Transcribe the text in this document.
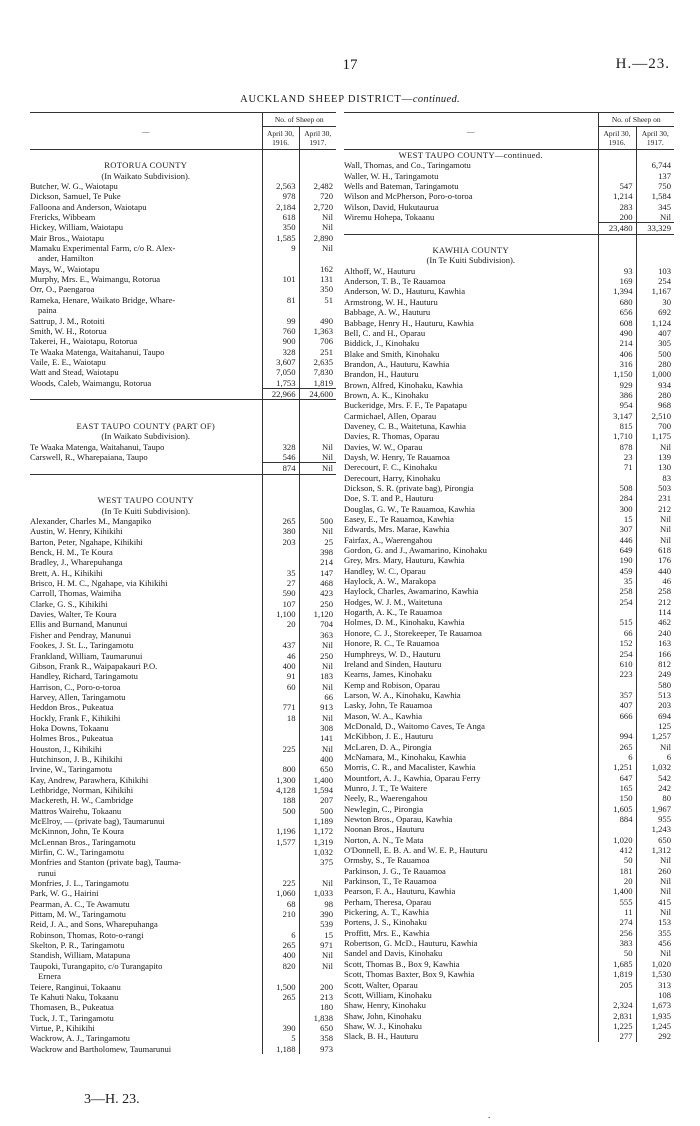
17	H.—23.
AUCKLAND SHEEP DISTRICT—continued.
—	No. of Sheep on	
	April 30, 1916.	April 30, 1917.

ROTORUA COUNTY		
(In Waikato Subdivision).		
Butcher, W. G., Waiotapu	2,563	2,482
Dickson, Samuel, Te Puke	978	720
Falloona and Anderson, Waiotapu	2,184	2,720
Frericks, Wibbeam	618	Nil
Hickey, William, Waiotapu	350	Nil
Mair Bros., Waiotapu	1,585	2,890
Mamaku Experimental Farm, c/o R. Alex-	9	Nil
ander, Hamilton		
Mays, W., Waiotapu		162
Murphy, Mrs. E., Waimangu, Rotorua	101	131
Orr, O., Paengaroa		350
Rameka, Henare, Waikato Bridge, Whare-	81	51
paina		
Sattrup, J. M., Rotoiti	99	490
Smith, W. H., Rotorua	760	1,363
Takerei, H., Waiotapu, Rotorua	900	706
Te Waaka Matenga, Waitahanui, Taupo	328	251
Vaile, E. E., Waiotapu	3,607	2,635
Watt and Stead, Waiotapu	7,050	7,830
Woods, Caleb, Waimangu, Rotorua	1,753	1,819
	22,966	24,600

EAST TAUPO COUNTY (PART OF)		
(In Waikato Subdivision).		
Te Waaka Matenga, Waitahanui, Taupo	328	Nil
Carswell, R., Wharepaiana, Taupo	546	Nil
	874	Nil

WEST TAUPO COUNTY		
(In Te Kuiti Subdivision).		
Alexander, Charles M., Mangapiko	265	500
Austin, W. Henry, Kihikihi	380	Nil
Barton, Peter, Ngahape, Kihikihi	203	25
Benck, H. M., Te Koura		398
Bradley, J., Wharepuhanga		214
Brett, A. H., Kihikihi	35	147
Brisco, H. M. C., Ngahape, via Kihikihi	27	468
Carroll, Thomas, Waimiha	590	423
Clarke, G. S., Kihikihi	107	250
Davies, Walter, Te Koura	1,100	1,120
Ellis and Burnand, Manunui	20	704
Fisher and Pendray, Manunui		363
Fookes, J. St. L., Taringamotu	437	Nil
Frankland, William, Taumarunui	46	250
Gibson, Frank R., Waipapakauri P.O.	400	Nil
Handley, Richard, Taringamotu	91	183
Harrison, C., Poro-o-toroa	60	Nil
Harvey, Allen, Taringamotu		66
Heddon Bros., Pukeatua	771	913
Hockly, Frank F., Kihikihi	18	Nil
Hoka Downs, Tokaanu		308
Holmes Bros., Pukeatua		141
Houston, J., Kihikihi	225	Nil
Hutchinson, J. B., Kihikihi		400
Irvine, W., Taringamotu	800	650
Kay, Andrew, Parawhera, Kihikihi	1,300	1,400
Lethbridge, Norman, Kihikihi	4,128	1,594
Mackereth, H. W., Cambridge	188	207
Mattros Wairehu, Tokaanu	500	500
McElroy, — (private bag), Taumarunui		1,189
McKinnon, John, Te Koura	1,196	1,172
McLennan Bros., Taringamotu	1,577	1,319
Mirfin, C. W., Taringamotu		1,032
Monfries and Stanton (private bag), Tauma-		375
runui		
Monfries, J. L., Taringamotu	225	Nil
Park, W. G., Hairini	1,060	1,033
Pearman, A. C., Te Awamutu	68	98
Pittam, M. W., Taringamotu	210	390
Reid, J. A., and Sons, Wharepuhanga		539
Robinson, Thomas, Roto-o-rangi	6	15
Skelton, P. R., Taringamotu	265	971
Standish, William, Matapuna	400	Nil
Taupoki, Turangapito, c/o Turangapito	820	Nil
Ernera		
Teiere, Ranginui, Tokaanu	1,500	200
Te Kahuti Naku, Tokaanu	265	213
Thomasen, B., Pukeatua		180
Tuck, J. T., Taringamotu		1,838
Virtue, P., Kihikihi	390	650
Wackrow, A. J., Taringamotu	5	358
Wackrow and Bartholomew, Taumarunui	1,188	973
—	No. of Sheep on	
	April 30, 1916.	April 30, 1917.
WEST TAUPO COUNTY—continued.		
Wall, Thomas, and Co., Taringamotu		6,744
Waller, W. H., Taringamotu		137
Wells and Bateman, Taringamotu	547	750
Wilson and McPherson, Poro-o-toroa	1,214	1,584
Wilson, David, Hukutaurua	283	345
Wiremu Hohepa, Tokaanu	200	Nil
	23,480	33,329

KAWHIA COUNTY		
(In Te Kuiti Subdivision).		
Althoff, W., Hauturu	93	103
Anderson, T. B., Te Rauamoa	169	254
Anderson, W. D., Hauturu, Kawhia	1,394	1,167
Armstrong, W. H., Hauturu	680	30
Babbage, A. W., Hauturu	656	692
Babbage, Henry H., Hauturu, Kawhia	608	1,124
Bell, C. and H., Oparau	490	407
Biddick, J., Kinohaku	214	305
Blake and Smith, Kinohaku	406	500
Brandon, A., Hauturu, Kawhia	316	280
Brandon, H., Hauturu	1,150	1,000
Brown, Alfred, Kinohaku, Kawhia	929	934
Brown, A. K., Kinohaku	386	280
Buckeridge, Mrs. F. F., Te Papatapu	954	968
Carmichael, Allen, Oparau	3,147	2,510
Daveney, C. B., Waitetuna, Kawhia	815	700
Davies, R. Thomas, Oparau	1,710	1,175
Davies, W. W., Oparau	878	Nil
Daysh, W. Henry, Te Rauamoa	23	139
Derecourt, F. C., Kinohaku	71	130
Derecourt, Harry, Kinohaku		83
Dickson, S. R. (private bag), Pirongia	508	503
Doe, S. T. and P., Hauturu	284	231
Douglas, G. W., Te Rauamoa, Kawhia	300	212
Easey, E., Te Rauamoa, Kawhia	15	Nil
Edwards, Mrs. Marae, Kawhia	307	Nil
Fairfax, A., Waerengahou	446	Nil
Gordon, G. and J., Awamarino, Kinohaku	649	618
Grey, Mrs. Mary, Hauturu, Kawhia	190	176
Handley, W. C., Oparau	459	440
Haylock, A. W., Marakopa	35	46
Haylock, Charles, Awamarino, Kawhia	258	258
Hodges, W. J. M., Waitetuna	254	212
Hogarth, A. K., Te Rauamoa		114
Holmes, D. M., Kinohaku, Kawhia	515	462
Honore, C. J., Storekeeper, Te Rauamoa	66	240
Honore, R. C., Te Rauamoa	152	163
Humphreys, W. D., Hauturu	254	166
Ireland and Sinden, Hauturu	610	812
Kearns, James, Kinohaku	223	249
Kemp and Robison, Oparau		580
Larson, W. A., Kinohaku, Kawhia	357	513
Lasky, John, Te Rauamoa	407	203
Mason, W. A., Kawhia	666	694
McDonald, D., Waitomo Caves, Te Anga		125
McKibbon, J. E., Hauturu	994	1,257
McLaren, D. A., Pirongia	265	Nil
McNamara, M., Kinohaku, Kawhia	6	6
Morris, C. R., and Macalister, Kawhia	1,251	1,032
Mountfort, A. J., Kawhia, Oparau Ferry	647	542
Munro, J. T., Te Waitere	165	242
Neely, R., Waerengahou	150	80
Newlegin, C., Pirongia	1,605	1,967
Newton Bros., Oparau, Kawhia	884	955
Noonan Bros., Hauturu		1,243
Norton, A. N., Te Mata	1,020	650
O'Donnell, E. B. A. and W. E. P., Hauturu	412	1,312
Ormsby, S., Te Rauamoa	50	Nil
Parkinson, J. G., Te Rauamoa	181	260
Parkinson, T., Te Rauamoa	20	Nil
Pearson, F. A., Hauturu, Kawhia	1,400	Nil
Perham, Theresa, Oparau	555	415
Pickering, A. T., Kawhia	11	Nil
Portens, J. S., Kinohaku	274	153
Proffitt, Mrs. E., Kawhia	256	355
Robertson, G. McD., Hauturu, Kawhia	383	456
Sandel and Davis, Kinohaku	50	Nil
Scott, Thomas B., Box 9, Kawhia	1,685	1,020
Scott, Thomas Baxter, Box 9, Kawhia	1,819	1,530
Scott, Walter, Oparau	205	313
Scott, William, Kinohaku		108
Shaw, Henry, Kinohaku	2,324	1,673
Shaw, John, Kinohaku	2,831	1,935
Shaw, W. J., Kinohaku	1,225	1,245
Slack, B. H., Hauturu	277	292
3—H. 23.
.
